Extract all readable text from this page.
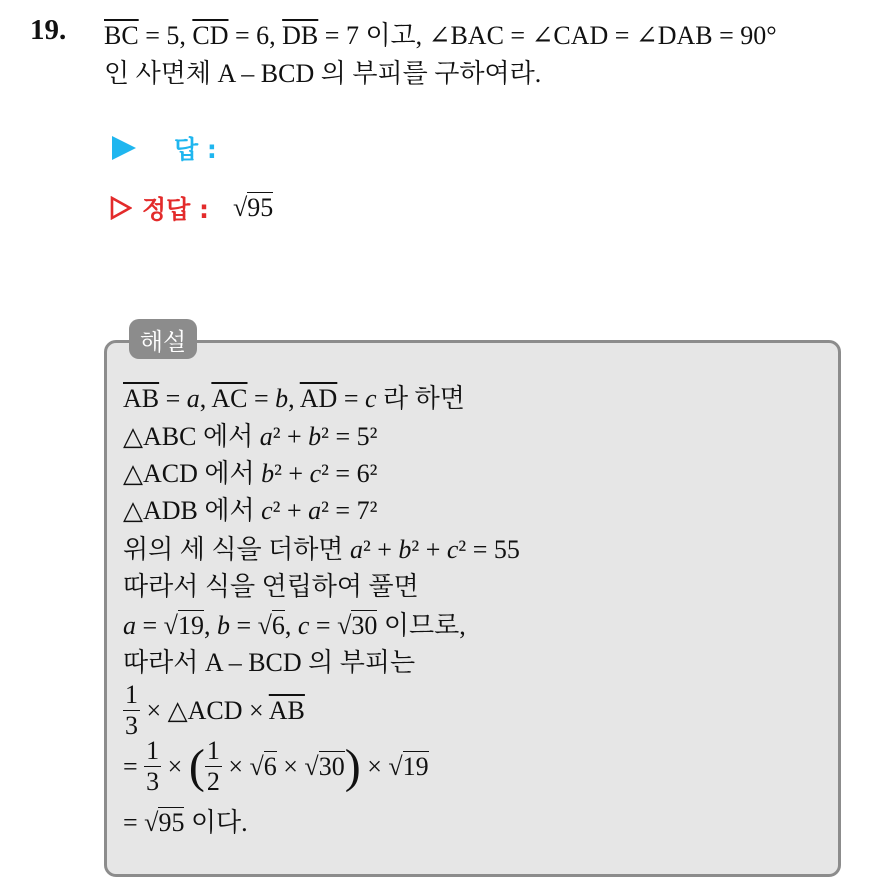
19. $\overline{BC} = 5$, $\overline{CD} = 6$, $\overline{DB} = 7$ 이고, ∠BAC = ∠CAD = ∠DAB = 90°
인 사면체 A – BCD 의 부피를 구하여라.
답 :
정답 : √95
해설
$\overline{AB} = a$, $\overline{AC} = b$, $\overline{AD} = c$ 라 하면
△ABC 에서 a² + b² = 5²
△ACD 에서 b² + c² = 6²
△ADB 에서 c² + a² = 7²
위의 세 식을 더하면 a² + b² + c² = 55
따라서 식을 연립하여 풀면
a = √19, b = √6, c = √30 이므로,
따라서 A – BCD 의 부피는
$\frac{1}{3}$ × △ACD × $\overline{AB}$
= $\frac{1}{3}$ × ( $\frac{1}{2} \times √6 \times √30$ ) × √19
= √95 이다.
